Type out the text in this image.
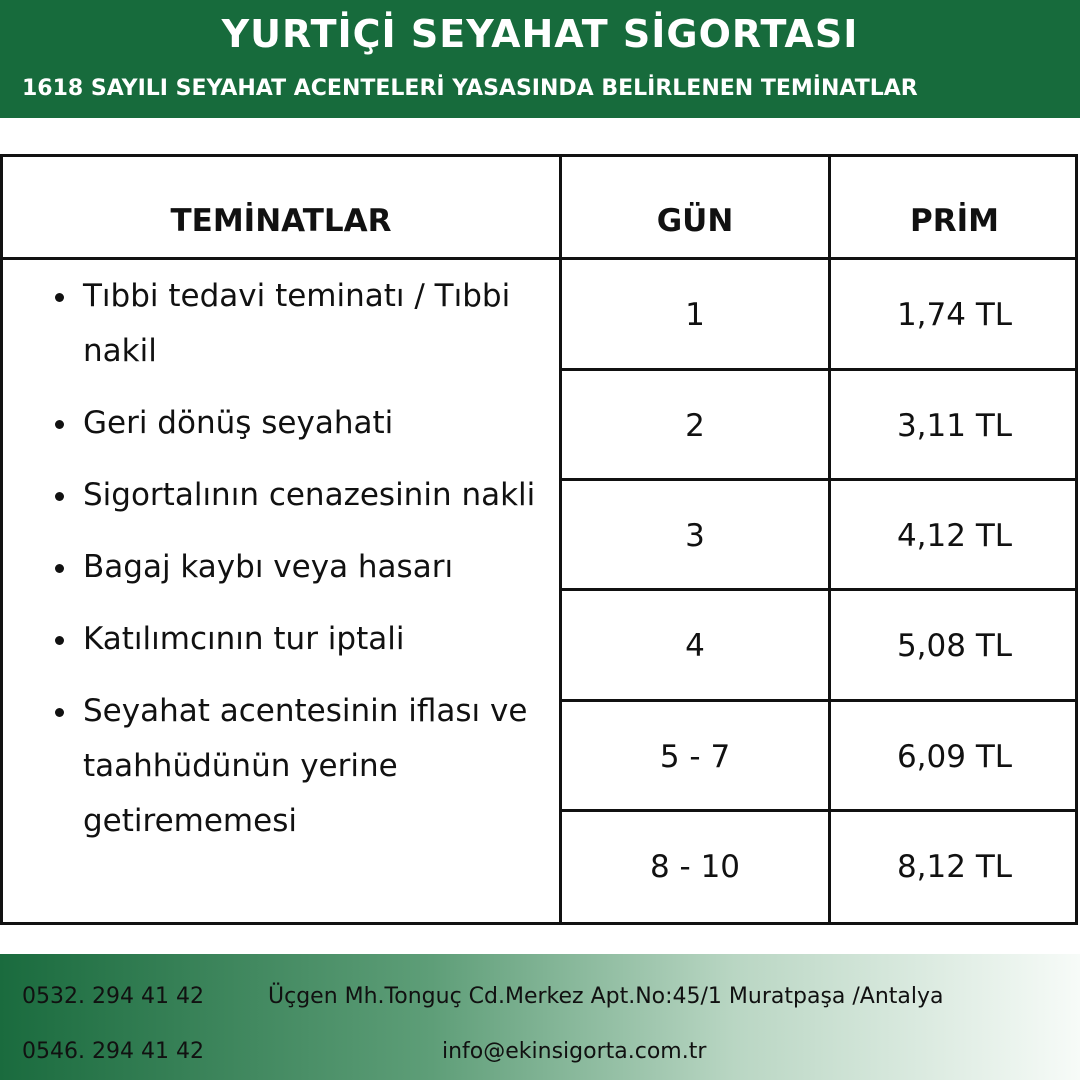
YURTİÇİ SEYAHAT SİGORTASI
1618 SAYILI SEYAHAT ACENTELERİ YASASINDA BELİRLENEN TEMİNATLAR
TEMİNATLAR	GÜN	PRİM
Tıbbi tedavi teminatı / Tıbbi nakil
Geri dönüş seyahati
Sigortalının cenazesinin nakli
Bagaj kaybı veya hasarı
Katılımcının tur iptali
Seyahat acentesinin iflası ve taahhüdünün yerine getirememesi
1	1,74 TL
2	3,11 TL
3	4,12 TL
4	5,08 TL
5 - 7	6,09 TL
8 - 10	8,12 TL
0532. 294 41 42	Üçgen Mh.Tonguç Cd.Merkez Apt.No:45/1 Muratpaşa /Antalya
0546. 294 41 42	info@ekinsigorta.com.tr
